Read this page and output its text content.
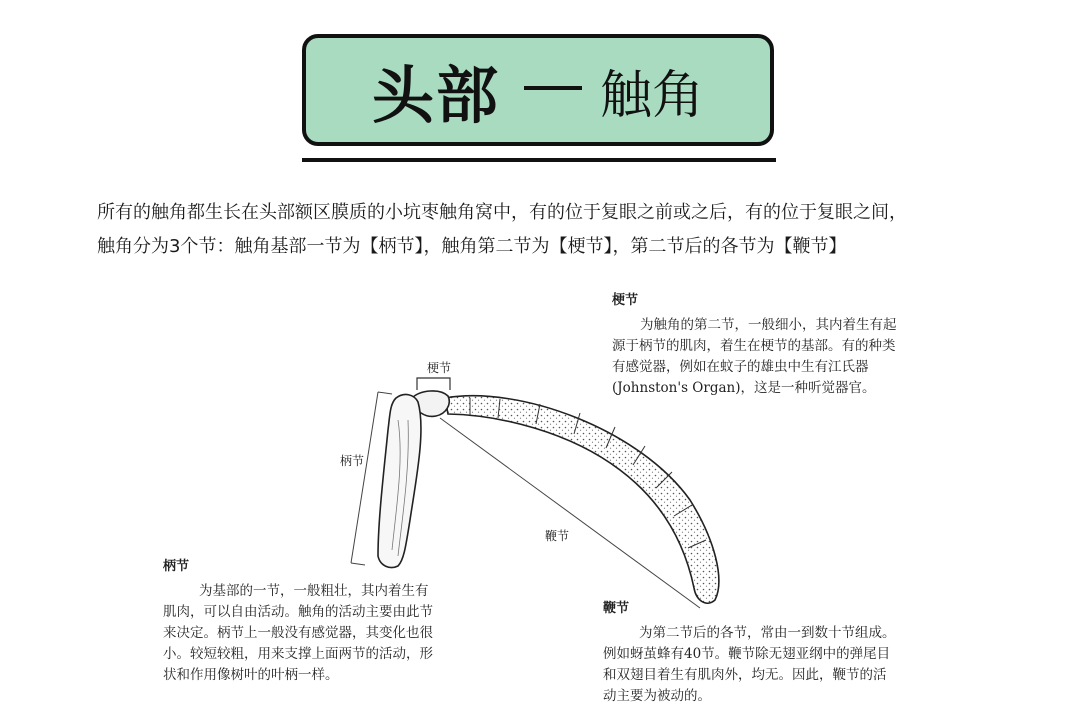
头部 触角

所有的触角都生长在头部额区膜质的小坑枣触角窝中，有的位于复眼之前或之后，有的位于复眼之间，

触角分为3个节：触角基部一节为【柄节】，触角第二节为【梗节】，第二节后的各节为【鞭节】

梗节
柄节
鞭节
梗节

为触角的第二节，一般细小，其内着生有起

源于柄节的肌肉，着生在梗节的基部。有的种类

有感觉器，例如在蚊子的雄虫中生有江氏器

(Johnston's Organ)，这是一种听觉器官。

柄节

为基部的一节，一般粗壮，其内着生有

肌肉，可以自由活动。触角的活动主要由此节

来决定。柄节上一般没有感觉器，其变化也很

小。较短较粗，用来支撑上面两节的活动，形

状和作用像树叶的叶柄一样。

鞭节

为第二节后的各节，常由一到数十节组成。

例如蚜茧蜂有40节。鞭节除无翅亚纲中的弹尾目

和双翅目着生有肌肉外，均无。因此，鞭节的活

动主要为被动的。
